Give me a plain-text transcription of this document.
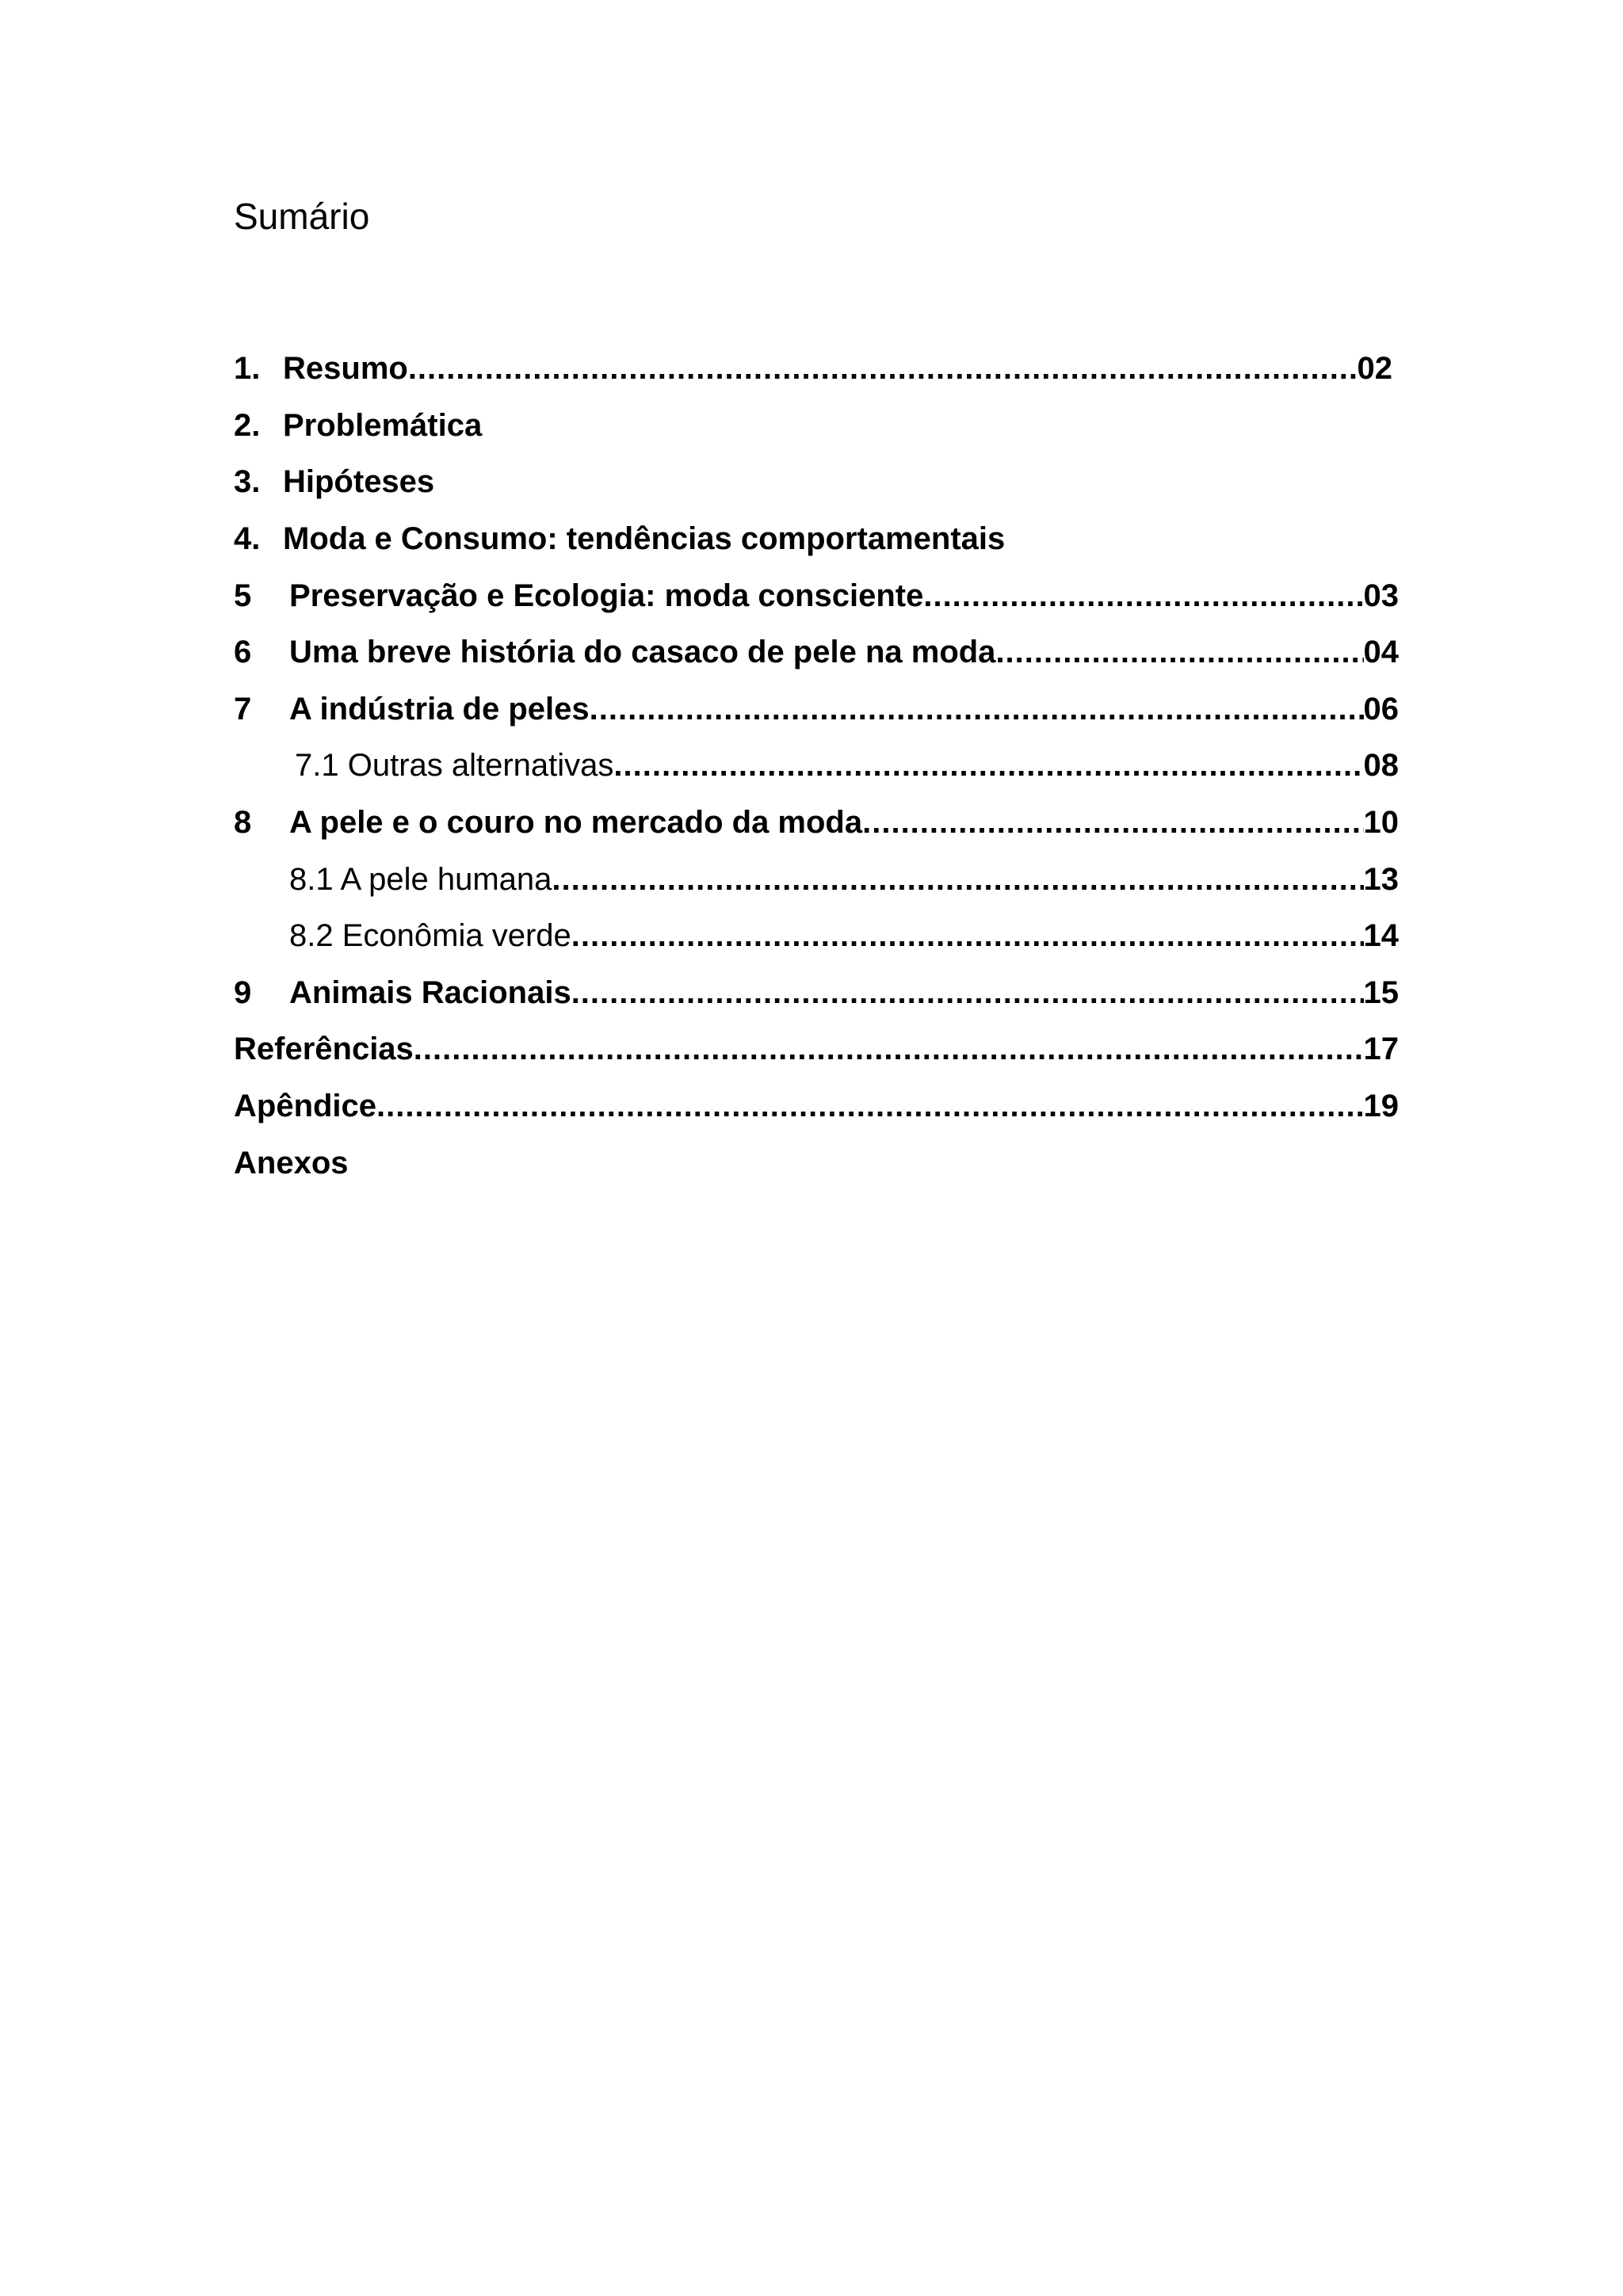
Sumário
1. Resumo .....	02
2. Problemática
3. Hipóteses
4. Moda e Consumo: tendências comportamentais
5	Preservação e Ecologia: moda consciente .....	03
6	Uma breve história do casaco de pele na moda .....	04
7	A indústria de peles .....	06
7.1 Outras alternativas .....	08
8	A pele e o couro no mercado da moda .....	10
8.1 A pele humana .....	13
8.2 Econômia verde .....	14
9	Animais Racionais .....	15
Referências .....	17
Apêndice .....	19
Anexos
